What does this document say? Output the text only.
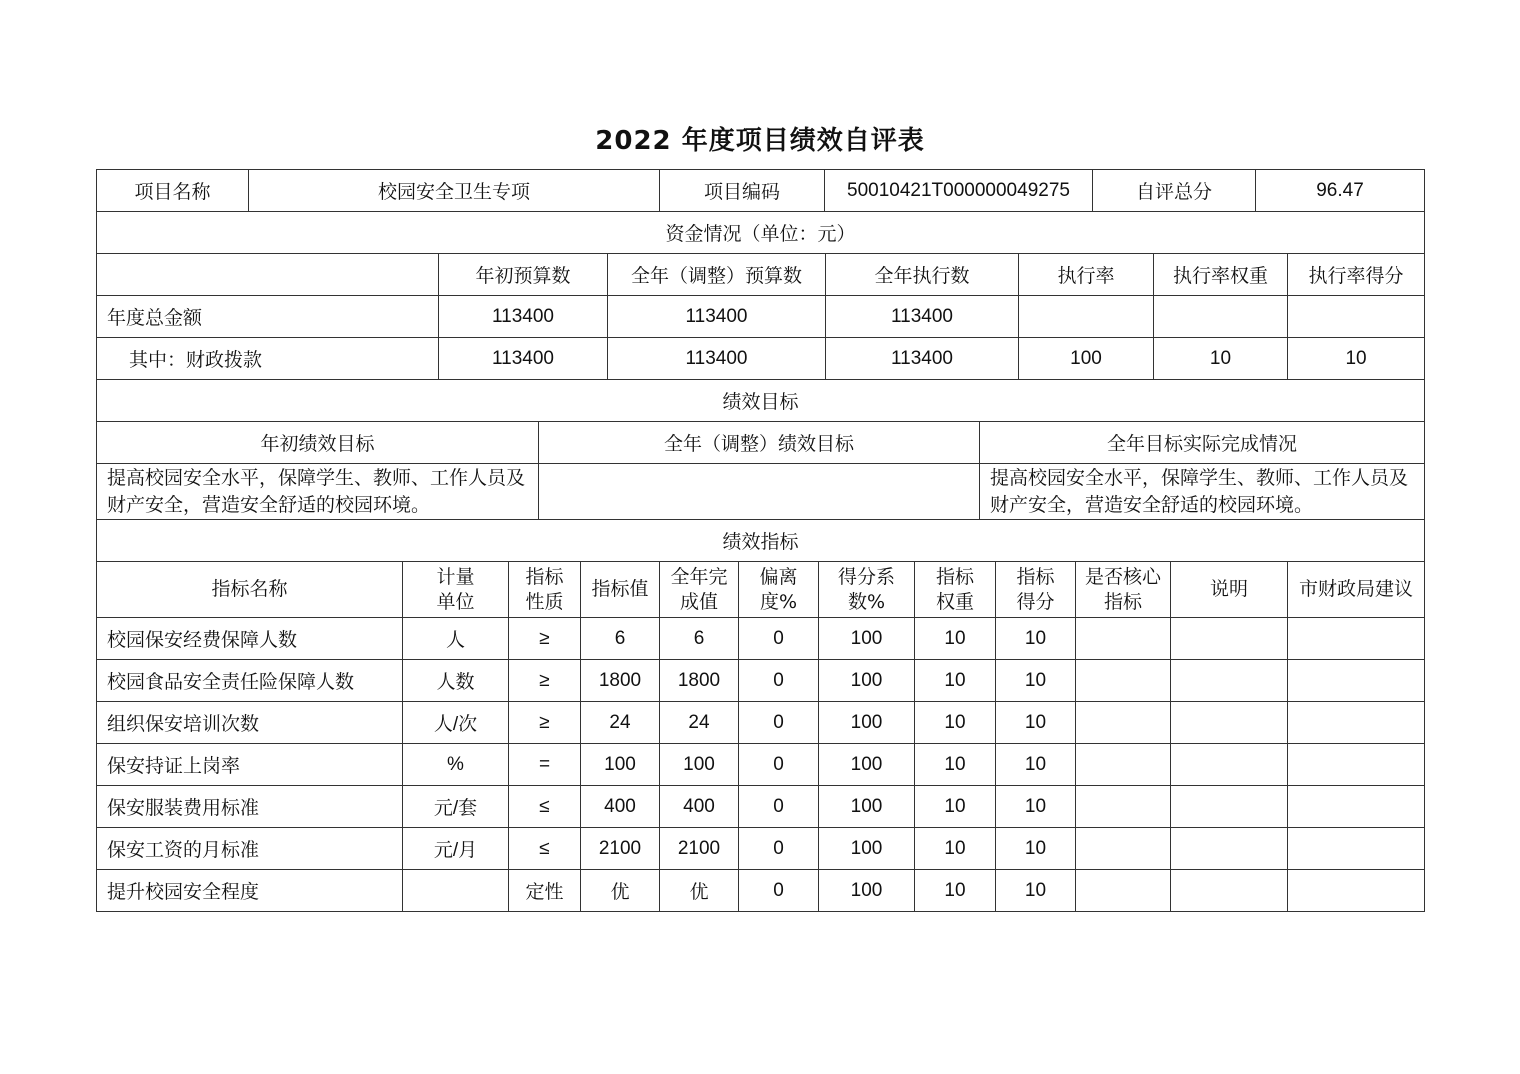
2022 年度项目绩效自评表
项目名称	校园安全卫生专项	项目编码	50010421T000000049275	自评总分	96.47
资金情况（单位：元）						
	年初预算数	全年（调整）预算数	全年执行数	执行率	执行率权重	执行率得分
年度总金额	113400	113400	113400			
其中：财政拨款	113400	113400	113400	100	10	10
绩效目标		
年初绩效目标	全年（调整）绩效目标	全年目标实际完成情况
提高校园安全水平，保障学生、教师、工作人员及财产安全，营造安全舒适的校园环境。		提高校园安全水平，保障学生、教师、工作人员及财产安全，营造安全舒适的校园环境。
绩效指标											
指标名称	计量单位	指标性质	指标值	全年完成值	偏离度%	得分系数%	指标权重	指标得分	是否核心指标	说明	市财政局建议
校园保安经费保障人数	人	≥	6	6	0	100	10	10			
校园食品安全责任险保障人数	人数	≥	1800	1800	0	100	10	10			
组织保安培训次数	人/次	≥	24	24	0	100	10	10			
保安持证上岗率	%	=	100	100	0	100	10	10			
保安服装费用标准	元/套	≤	400	400	0	100	10	10			
保安工资的月标准	元/月	≤	2100	2100	0	100	10	10			
提升校园安全程度		定性	优	优	0	100	10	10			
